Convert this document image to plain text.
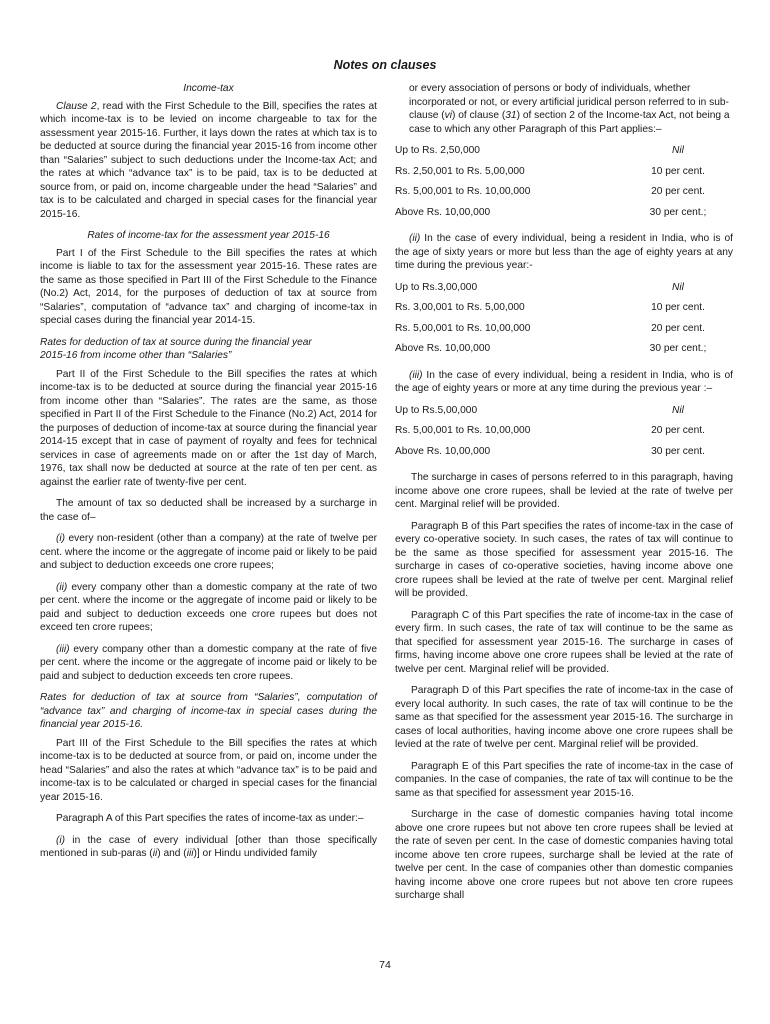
Notes on clauses
Income-tax

Clause 2, read with the First Schedule to the Bill, specifies the rates at which income-tax is to be levied on income chargeable to tax for the assessment year 2015-16. Further, it lays down the rates at which tax is to be deducted at source during the financial year 2015-16 from income other than “Salaries” subject to such deductions under the Income-tax Act; and the rates at which “advance tax” is to be paid, tax is to be deducted at source from, or paid on, income chargeable under the head “Salaries” and tax is to be calculated and charged in special cases for the financial year 2015-16.

Rates of income-tax for the assessment year 2015-16

Part I of the First Schedule to the Bill specifies the rates at which income is liable to tax for the assessment year 2015-16. These rates are the same as those specified in Part III of the First Schedule to the Finance (No.2) Act, 2014, for the purposes of deduction of tax at source from “Salaries”, computation of “advance tax” and charging of income-tax in special cases during the financial year 2014-15.

Rates for deduction of tax at source during the financial year
2015-16 from income other than “Salaries”

Part II of the First Schedule to the Bill specifies the rates at which income-tax is to be deducted at source during the financial year 2015-16 from income other than “Salaries”. The rates are the same, as those specified in Part II of the First Schedule to the Finance (No.2) Act, 2014 for the purposes of deduction of income-tax at source during the financial year 2014-15 except that in case of payment of royalty and fees for technical services in case of agreements made on or after the 1st day of March, 1976, tax shall now be deducted at source at the rate of ten per cent. as against the earlier rate of twenty-five per cent.

The amount of tax so deducted shall be increased by a surcharge in the case of–

(i) every non-resident (other than a company) at the rate of twelve per cent. where the income or the aggregate of income paid or likely to be paid and subject to deduction exceeds one crore rupees;

(ii) every company other than a domestic company at the rate of two per cent. where the income or the aggregate of income paid or likely to be paid and subject to deduction exceeds one crore rupees but does not exceed ten crore rupees;

(iii) every company other than a domestic company at the rate of five per cent. where the income or the aggregate of income paid or likely to be paid and subject to deduction exceeds ten crore rupees.

Rates for deduction of tax at source from “Salaries”, computation of “advance tax” and charging of income-tax in special cases during the financial year 2015-16.

Part III of the First Schedule to the Bill specifies the rates at which income-tax is to be deducted at source from, or paid on, income under the head “Salaries” and also the rates at which “advance tax” is to be paid and income-tax is to be calculated or charged in special cases for the financial year 2015-16.

Paragraph A of this Part specifies the rates of income-tax as under:–

(i) in the case of every individual [other than those specifically mentioned in sub-paras (ii) and (iii)] or Hindu undivided family

or every association of persons or body of individuals, whether incorporated or not, or every artificial juridical person referred to in sub-clause (vi) of clause (31) of section 2 of the Income-tax Act, not being a case to which any other Paragraph of this Part applies:–

Up to Rs. 2,50,000	Nil
Rs. 2,50,001 to Rs. 5,00,000	10 per cent.
Rs. 5,00,001 to Rs. 10,00,000	20 per cent.
Above Rs. 10,00,000	30 per cent.;

(ii) In the case of every individual, being a resident in India, who is of the age of sixty years or more but less than the age of eighty years at any time during the previous year:-

Up to Rs.3,00,000	Nil
Rs. 3,00,001 to Rs. 5,00,000	10 per cent.
Rs. 5,00,001 to Rs. 10,00,000	20 per cent.
Above Rs. 10,00,000	30 per cent.;

(iii) In the case of every individual, being a resident in India, who is of the age of eighty years or more at any time during the previous year :–

Up to Rs.5,00,000	Nil
Rs. 5,00,001 to Rs. 10,00,000	20 per cent.
Above Rs. 10,00,000	30 per cent.

The surcharge in cases of persons referred to in this paragraph, having income above one crore rupees, shall be levied at the rate of twelve per cent. Marginal relief will be provided.

Paragraph B of this Part specifies the rates of income-tax in the case of every co-operative society. In such cases, the rates of tax will continue to be the same as those specified for assessment year 2015-16. The surcharge in cases of co-operative societies, having income above one crore rupees shall be levied at the rate of twelve per cent. Marginal relief will be provided.

Paragraph C of this Part specifies the rate of income-tax in the case of every firm. In such cases, the rate of tax will continue to be the same as that specified for assessment year 2015-16. The surcharge in cases of firms, having income above one crore rupees shall be levied at the rate of twelve per cent. Marginal relief will be provided.

Paragraph D of this Part specifies the rate of income-tax in the case of every local authority. In such cases, the rate of tax will continue to be the same as that specified for the assessment year 2015-16. The surcharge in cases of local authorities, having income above one crore rupees shall be levied at the rate of twelve per cent. Marginal relief will be provided.

Paragraph E of this Part specifies the rate of income-tax in the case of companies. In the case of companies, the rate of tax will continue to be the same as that specified for assessment year 2015-16.

Surcharge in the case of domestic companies having total income above one crore rupees but not above ten crore rupees shall be levied at the rate of seven per cent. In the case of domestic companies having total income above ten crore rupees, surcharge shall be levied at the rate of twelve per cent. In the case of companies other than domestic companies having income above one crore rupees but not above ten crore rupees surcharge shall

74
